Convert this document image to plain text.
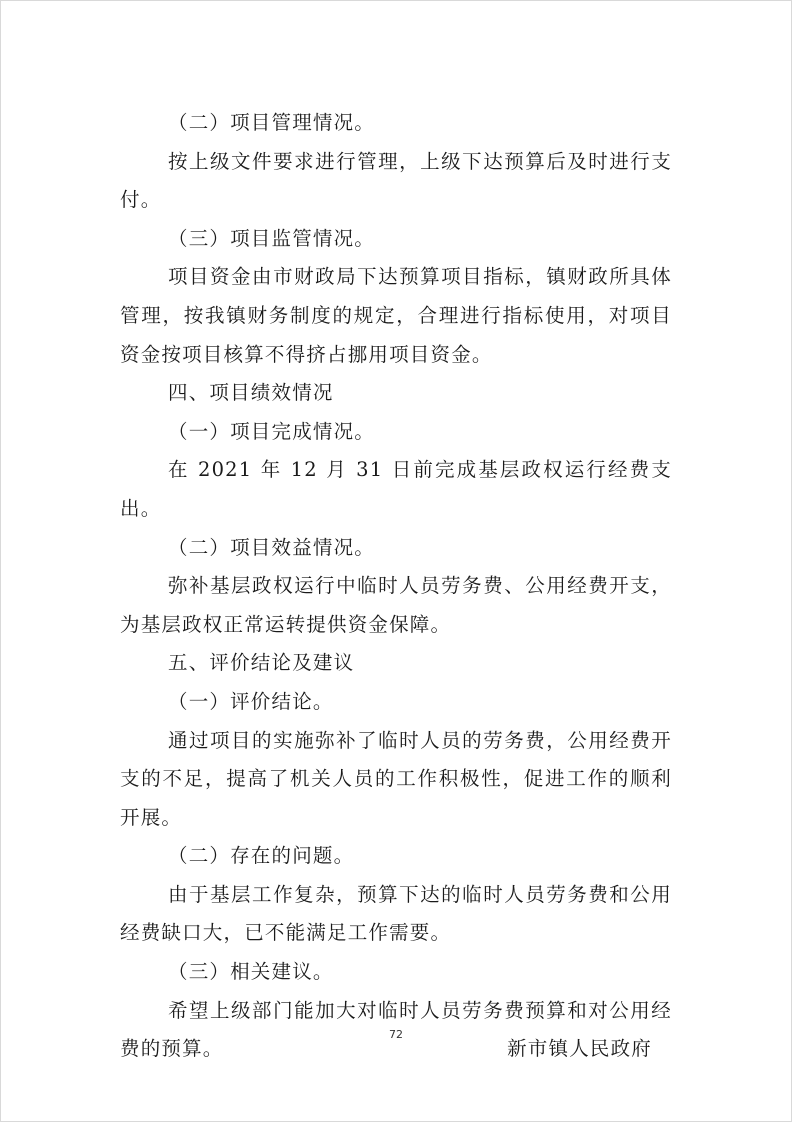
（二）项目管理情况。

按上级文件要求进行管理，上级下达预算后及时进行支付。

（三）项目监管情况。

项目资金由市财政局下达预算项目指标，镇财政所具体管理，按我镇财务制度的规定，合理进行指标使用，对项目资金按项目核算不得挤占挪用项目资金。

四、项目绩效情况

（一）项目完成情况。

在 2021 年 12 月 31 日前完成基层政权运行经费支出。

（二）项目效益情况。

弥补基层政权运行中临时人员劳务费、公用经费开支，为基层政权正常运转提供资金保障。

五、评价结论及建议

（一）评价结论。

通过项目的实施弥补了临时人员的劳务费，公用经费开支的不足，提高了机关人员的工作积极性，促进工作的顺利开展。

（二）存在的问题。

由于基层工作复杂，预算下达的临时人员劳务费和公用经费缺口大，已不能满足工作需要。

（三）相关建议。

希望上级部门能加大对临时人员劳务费预算和对公用经费的预算。	新市镇人民政府
72
